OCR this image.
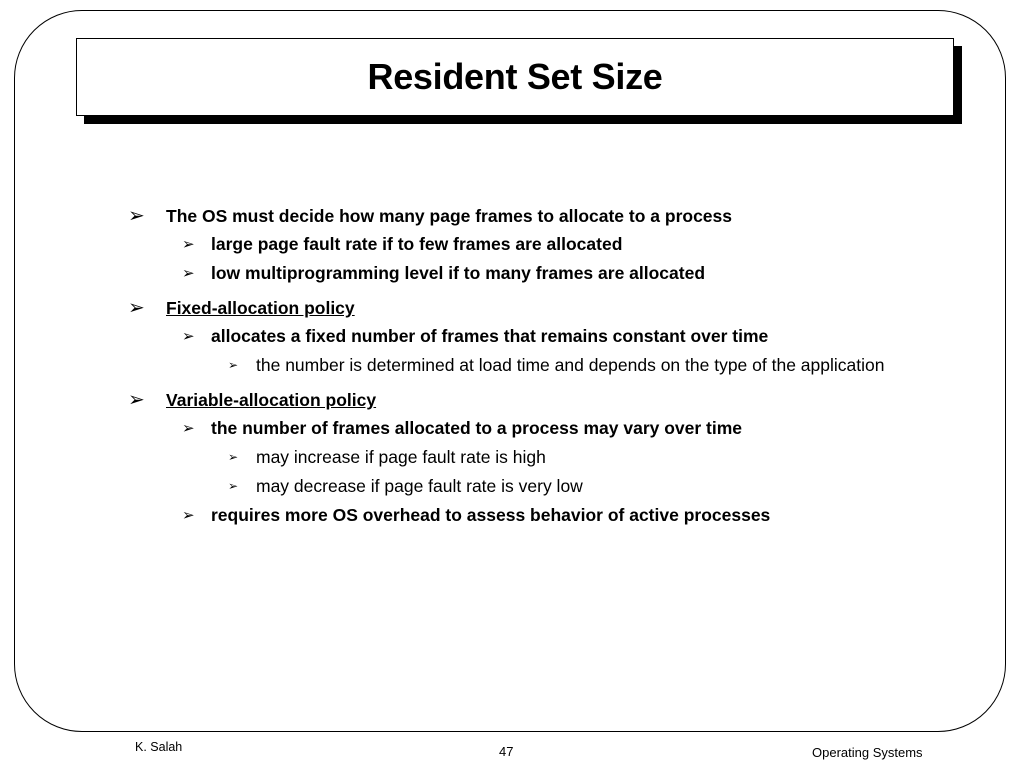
Resident Set Size
➢	The OS must decide how many page frames to allocate to a process
➢ large page fault rate if to few frames are allocated
➢ low multiprogramming level if to many frames are allocated
➢	Fixed-allocation policy
➢ allocates a fixed number of frames that remains constant over time
➢	the number is determined at load time and depends on the type of the application
➢	Variable-allocation policy
➢ the number of frames allocated to a process may vary over time
➢	may increase if page fault rate is high
➢	may decrease if page fault rate is very low
➢ requires more OS overhead to assess behavior of active processes
K. Salah	47	Operating Systems
